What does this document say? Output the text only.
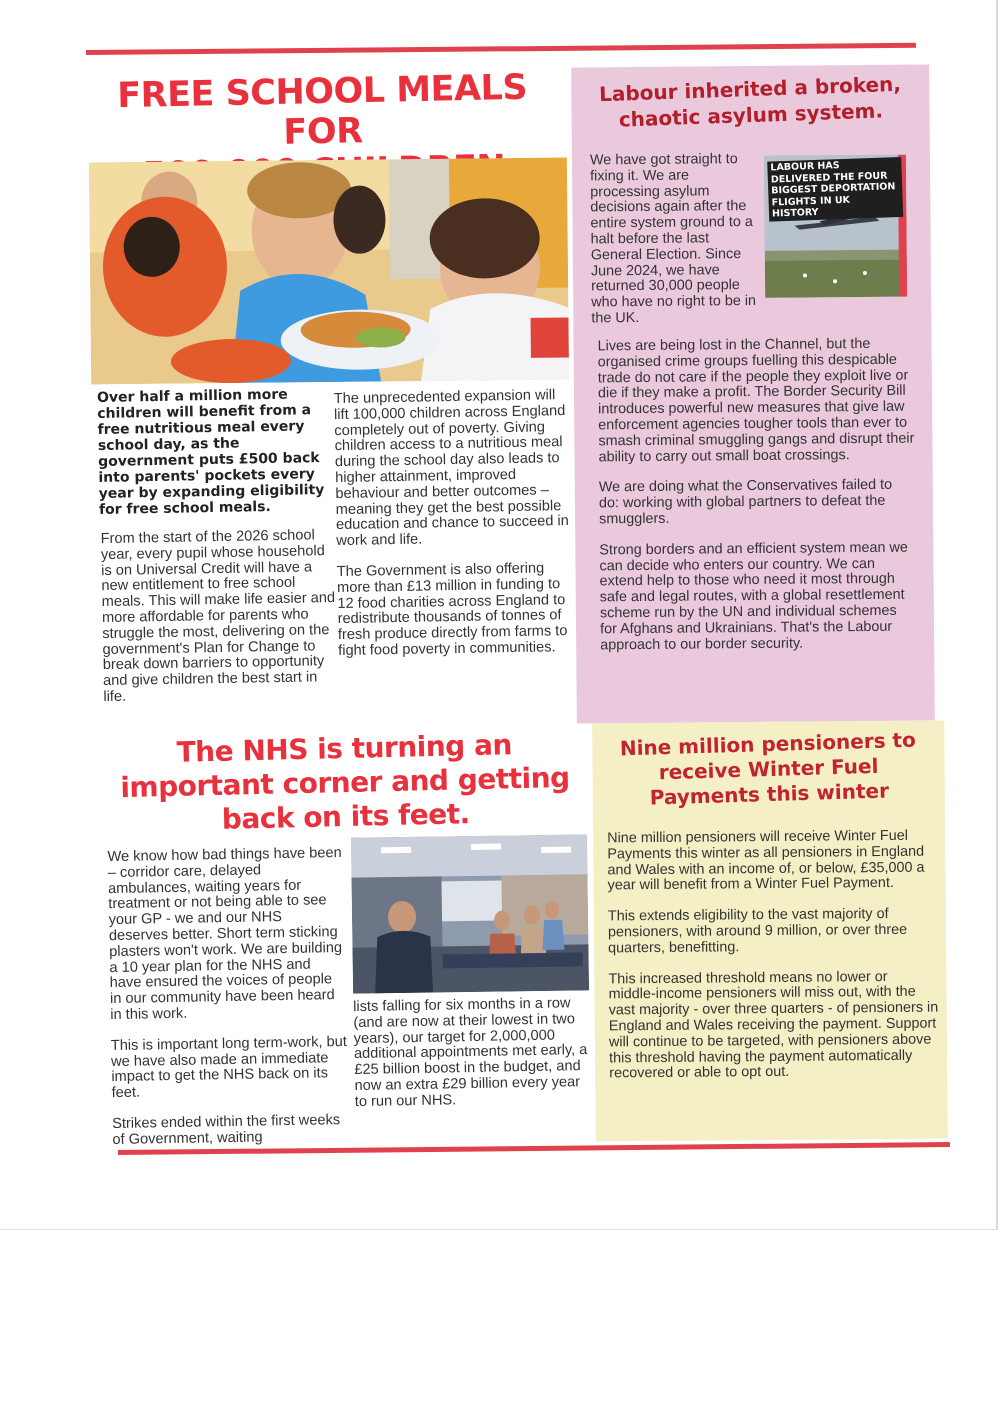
FREE SCHOOL MEALS FOR

Over half a million more children will benefit from a free nutritious meal every school day, as the government puts £500 back into parents' pockets every year by expanding eligibility for free school meals.

From the start of the 2026 school year, every pupil whose household is on Universal Credit will have a new entitlement to free school meals. This will make life easier and more affordable for parents who struggle the most, delivering on the government's Plan for Change to break down barriers to opportunity and give children the best start in life.

The unprecedented expansion will lift 100,000 children across England completely out of poverty. Giving children access to a nutritious meal during the school day also leads to higher attainment, improved behaviour and better outcomes – meaning they get the best possible education and chance to succeed in work and life.
The Government is also offering more than £13 million in funding to 12 food charities across England to redistribute thousands of tonnes of fresh produce directly from farms to fight food poverty in communities.
Labour inherited a broken,
chaotic asylum system.

We have got straight to fixing it. We are processing asylum decisions again after the entire system ground to a halt before the last General Election. Since June 2024, we have returned 30,000 people who have no right to be in the UK.

LABOUR HAS DELIVERED THE FOUR BIGGEST DEPORTATION FLIGHTS IN UK HISTORY
Lives are being lost in the Channel, but the organised crime groups fuelling this despicable trade do not care if the people they exploit live or die if they make a profit. The Border Security Bill introduces powerful new measures that give law enforcement agencies tougher tools than ever to smash criminal smuggling gangs and disrupt their ability to carry out small boat crossings.
We are doing what the Conservatives failed to do: working with global partners to defeat the smugglers.
Strong borders and an efficient system mean we can decide who enters our country. We can extend help to those who need it most through safe and legal routes, with a global resettlement scheme run by the UN and individual schemes for Afghans and Ukrainians. That's the Labour approach to our border security.
The NHS is turning an
important corner and getting
back on its feet.
We know how bad things have been – corridor care, delayed ambulances, waiting years for treatment or not being able to see your GP - we and our NHS deserves better. Short term sticking plasters won't work. We are building a 10 year plan for the NHS and have ensured the voices of people in our community have been heard in this work.
This is important long term-work, but we have also made an immediate impact to get the NHS back on its feet.
Strikes ended within the first weeks of Government, waiting

lists falling for six months in a row (and are now at their lowest in two years), our target for 2,000,000 additional appointments met early, a £25 billion boost in the budget, and now an extra £29 billion every year to run our NHS.

Nine million pensioners to
receive Winter Fuel
Payments this winter
Nine million pensioners will receive Winter Fuel Payments this winter as all pensioners in England and Wales with an income of, or below, £35,000 a year will benefit from a Winter Fuel Payment.
This extends eligibility to the vast majority of pensioners, with around 9 million, or over three quarters, benefitting.
This increased threshold means no lower or middle-income pensioners will miss out, with the vast majority - over three quarters - of pensioners in England and Wales receiving the payment. Support will continue to be targeted, with pensioners above this threshold having the payment automatically recovered or able to opt out.
